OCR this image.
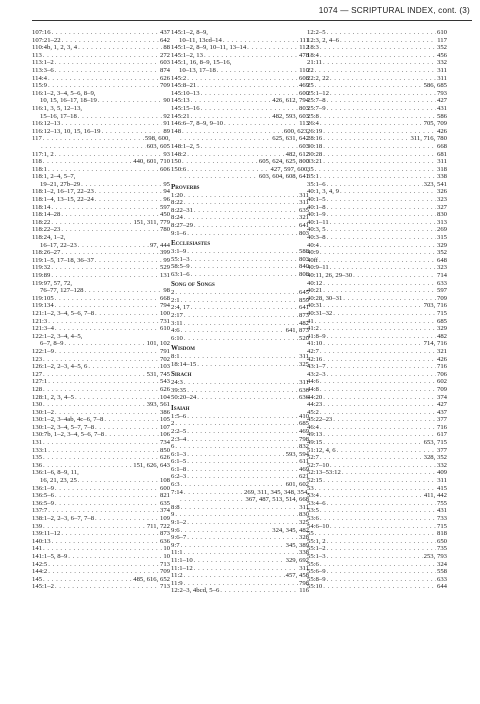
1074 — SCRIPTURAL INDEX, cont. (3)
107:16 . . .	437
107:21–22 . . .	642
110:4b, 1, 2, 3, 4 . . .	88
113 . . .	272
113:1–2 . . .	603
113:3–6 . . .	874
114:4 . . .	626
115:9 . . .	709
116:1–2, 3–4, 5–6, 8–9,
10, 15, 16–17, 18–19 . . .	90
116:1, 3, 5, 12–13,
15–16, 17–18 . . .	92
116:12–13 . . .	91
116:12–13, 10, 15, 16–19 . . .	89
117 . . .	598, 600,
. . .
603, 605
117:1, 2 . . .	93
118 . . .	440, 601, 710
118:1 . . .	606
118:1, 2–4, 5–7,
19–21, 27b–29 . . .	95
118:1–2, 16–17, 22–23 . . .	94
118:1–4, 13–15, 22–24 . . .	96
118:14 . . .	597
118:14–28 . . .	450
118:22 . . .	151, 311, 779
118:22–23 . . .	780
118:24, 1–2,
16–17, 22–23 . . .	97, 444
118:26–27 . . .	399
119:1–5, 17–18, 36–37 . . .	99
119:32 . . .	529
119:89 . . .	131
119:97, 57, 72,
76–77, 127–128 . . .	98
119:105 . . .	668
119:134 . . .	794
121:1–2, 3–4, 5–6, 7–8 . . .	100
121:3 . . .	731
121:3–4 . . .	610
122:1–2, 3–4, 4–5,
6–7, 8–9 . . .	101, 102
122:1–9 . . .	791
123 . . .	702
126:1–2, 2–3, 4–5, 6 . . .	103
127 . . .	531, 745
127:1 . . .	543
128 . . .	626
128:1, 2, 3, 4–5 . . .	104
130 . . .	393, 561
130:1–2 . . .	386
130:1–2, 3–4ab, 4c–6, 7–8 . . .	105
130:1–2, 3–4, 5–7, 7–8 . . .	107
130:7b, 1–2, 3–4, 5–6, 7–8 . . .	106
131 . . .	734
133:1 . . .	850
135 . . .	626
136 . . .	151, 626, 643
136:1–6, 8–9, 11,
16, 21, 23, 25 . . .	108
136:1–9 . . .	600
136:5–6 . . .	821
136:5–9 . . .	635
137:7 . . .	374
138:1–2, 2–3, 6–7, 7–8 . . .	109
139 . . .	711, 722
139:11–12 . . .	873
140:13 . . .	636
141 . . .	10
141:1–5, 8–9 . . .	10
142:5 . . .	713
144:2 . . .	709
145 . . .	485, 616, 652
145:1–2 . . .	713
145:1–2, 8–9,
10–11, 13cd–14 . . .	111
145:1–2, 8–9, 10–11, 13–14 . . .	112
145:1–2, 13 . . .	478
145:1, 16, 8–9, 15–16,
10–13, 17–18 . . .	110
145:2 . . .	608
145:8–21 . . .	469
145:10–13 . . .	600
145:13 . . .	426, 612, 794
145:15–16 . . .	803
145:21 . . .	482, 593, 603
146:6–7, 8–9, 9–10 . . .	113
148 . . .	600, 623,
. . .
625, 631, 642
148:1–2, 5 . . .	603
148:2 . . .	482, 612
150 . . .	605, 624, 625, 800
150:6 . . .	427, 597, 600,
. . .
603, 604, 608, 641
Proverbs
1:20 . . .	311
8:22 . . .	311
8:22–31 . . .	635
8:24 . . .	321
8:27–29 . . .	641
9:1–6 . . .	803
Ecclesiastes
3:1–9 . . .	588
55:1–3 . . .	803
58:5–9 . . .	840
63:1–6 . . .	808
Song of Songs
2 . . .	645
2:1 . . .	859
2:4, 17 . . .	641
2:17 . . .	873
3:11 . . .	482
4:6 . . .	641, 873
6:10 . . .	520
Wisdom
8:1 . . .	311
18:14–15 . . .	325
Sirach
24:3 . . .	311
39:35 . . .	636
50:20–24 . . .	636
Isaiah
1:5–6 . . .	410
2 . . .	685
2:2–5 . . .	469
2:3–4 . . .	798
6 . . .	832
6:1–3 . . .	593, 594
6:1–5 . . .	611
6:1–8 . . .	469
6:2–3 . . .	621
6:3 . . .	601, 602
7:14 . . .	269, 311, 345, 348, 354,
. . .
367, 487, 513, 514, 668
8:8 . . .	311
9 . . .	830
9:1–2 . . .	325
9:6 . . .	324, 345, 482
9:6–7 . . .	328
9:7 . . .	345, 389
11:1 . . .	338
11:1–10 . . .	329, 692
11:1–12 . . .	311
11:2 . . .	457, 458
11:9 . . .	798
12:2–3, 4bcd, 5–6 . . .	116
12:2–5 . . .	610
12:3, 2, 4–6 . . .	117
18:3 . . .	352
18:4 . . .	456
21:11 . . .	332
22 . . .	311
22:2, 22 . . .	311
25 . . .	586, 685
25:1–12 . . .	793
25:7–8 . . .	427
25:7–9 . . .	431
25:8 . . .	586
26:4 . . .	705, 709
26:19 . . .	426
28:16 . . .	311, 716, 780
30:18 . . .	668
30:28 . . .	681
33:21 . . .	311
35 . . .	318
35:1 . . .	338
35:1–6 . . .	323, 541
40:1, 3, 4, 9 . . .	326
40:1–5 . . .	323
40:1–8 . . .	327
40:1–9 . . .	830
40:1–11 . . .	313
40:3, 5 . . .	269
40:3–8 . . .	315
40:4 . . .	329
40:9 . . .	352
40ff . . .	648
40:9–11 . . .	323
40:11, 26, 29–30 . . .	714
40:12 . . .	633
40:21 . . .	597
40:28, 30–31 . . .	709
40:31 . . .	703, 716
40:31–32 . . .	715
41 . . .	685
41:2 . . .	329
41:8–9 . . .	482
41:10 . . .	714, 716
42:7 . . .	321
42:16 . . .	426
43:1–7 . . .	716
43:2–3 . . .	706
44:6 . . .	602
44:8 . . .	709
44:20 . . .	374
44:23 . . .	427
45:2 . . .	437
45:22–23 . . .	377
46:4 . . .	716
49:13 . . .	617
49:15 . . .	653, 715
51:12, 4, 6 . . .	377
52:7 . . .	328, 352
52:7–10 . . .	332
52:13–53:12 . . .	409
52:15 . . .	311
53 . . .	415
53:4 . . .	411, 442
53:4–6 . . .	755
53:5 . . .	431
53:6 . . .	733
54:6–10 . . .	715
55 . . .	818
55:1, 2 . . .	650
55:1–2 . . .	735
55:1–3 . . .	253, 793
55:6 . . .	324
55:6–9 . . .	558
55:8–9 . . .	633
55:10 . . .	644
